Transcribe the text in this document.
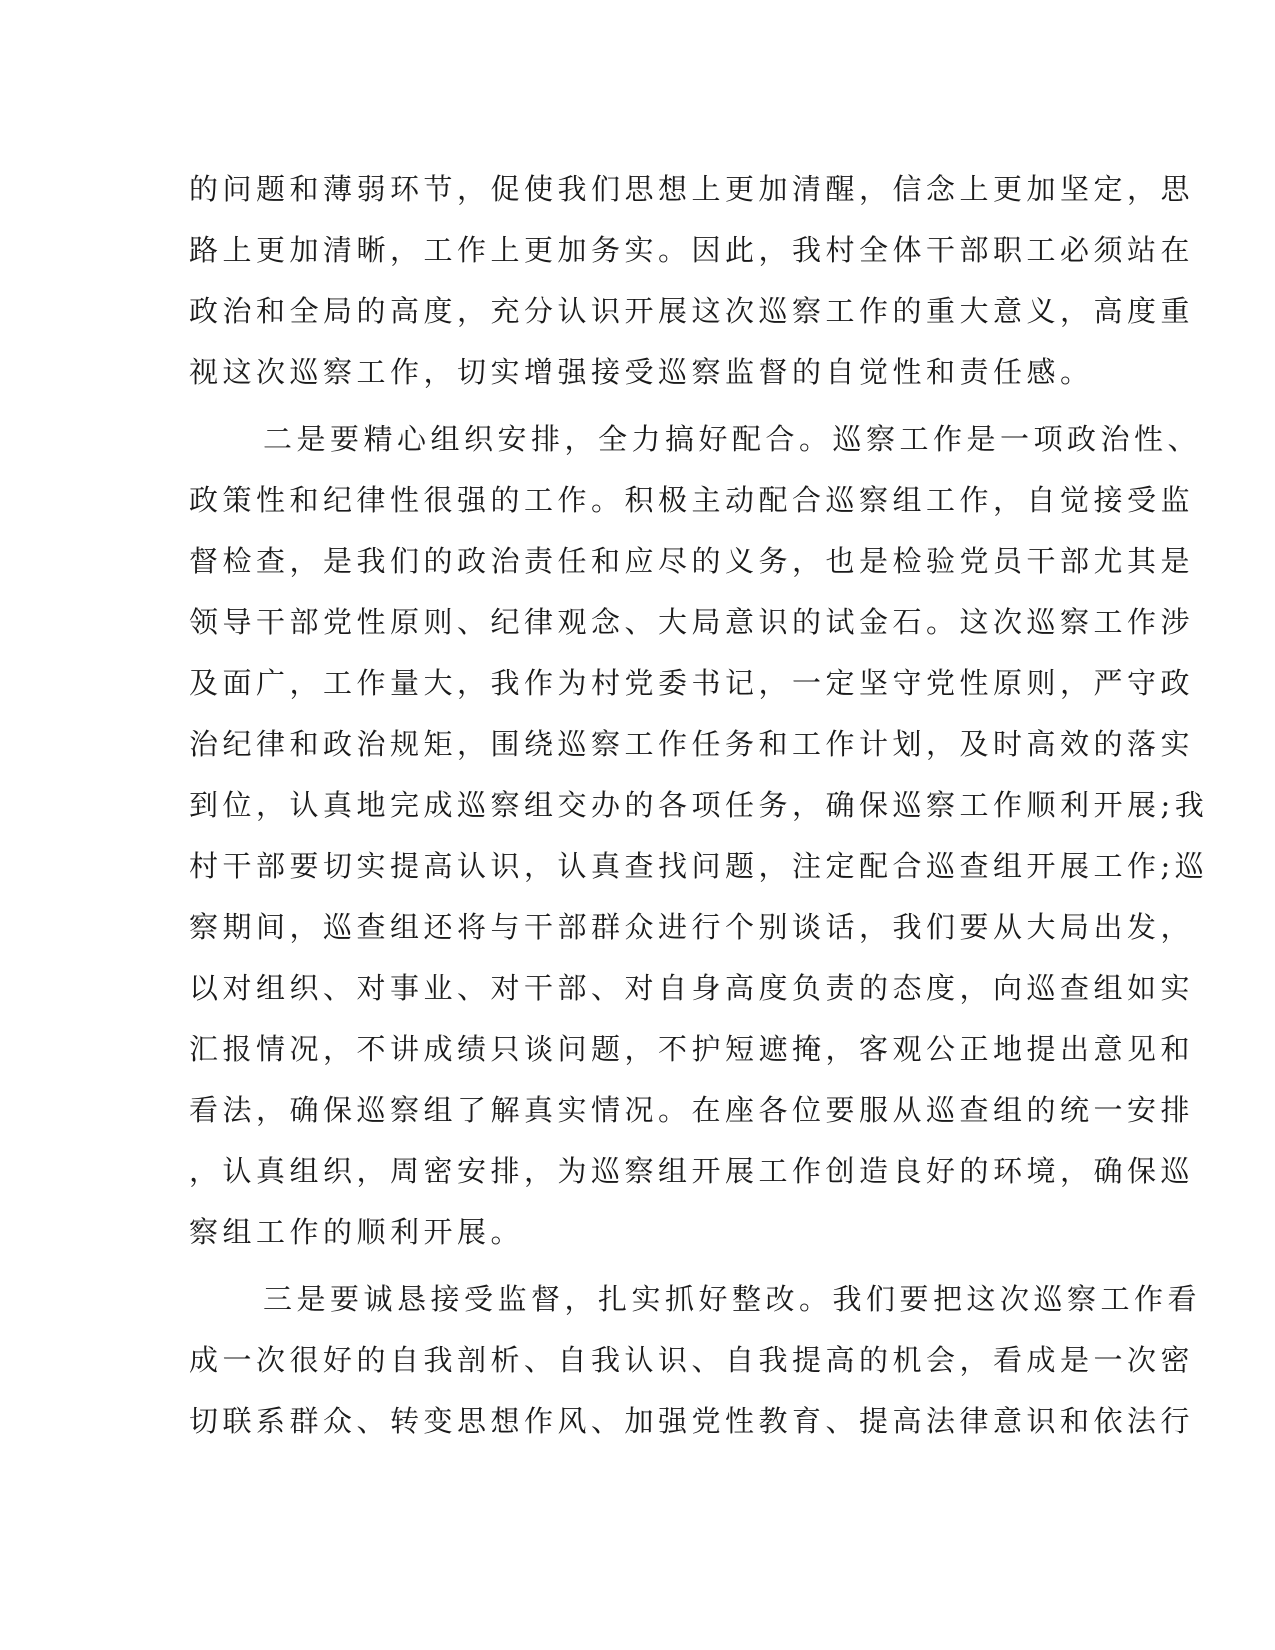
的问题和薄弱环节，促使我们思想上更加清醒，信念上更加坚定，思
路上更加清晰，工作上更加务实。因此，我村全体干部职工必须站在
政治和全局的高度，充分认识开展这次巡察工作的重大意义，高度重
视这次巡察工作，切实增强接受巡察监督的自觉性和责任感。
二是要精心组织安排，全力搞好配合。巡察工作是一项政治性、
政策性和纪律性很强的工作。积极主动配合巡察组工作，自觉接受监
督检查，是我们的政治责任和应尽的义务，也是检验党员干部尤其是
领导干部党性原则、纪律观念、大局意识的试金石。这次巡察工作涉
及面广，工作量大，我作为村党委书记，一定坚守党性原则，严守政
治纪律和政治规矩，围绕巡察工作任务和工作计划，及时高效的落实
到位，认真地完成巡察组交办的各项任务，确保巡察工作顺利开展;我
村干部要切实提高认识，认真查找问题，注定配合巡查组开展工作;巡
察期间，巡查组还将与干部群众进行个别谈话，我们要从大局出发，
以对组织、对事业、对干部、对自身高度负责的态度，向巡查组如实
汇报情况，不讲成绩只谈问题，不护短遮掩，客观公正地提出意见和
看法，确保巡察组了解真实情况。在座各位要服从巡查组的统一安排
，认真组织，周密安排，为巡察组开展工作创造良好的环境，确保巡
察组工作的顺利开展。
三是要诚恳接受监督，扎实抓好整改。我们要把这次巡察工作看
成一次很好的自我剖析、自我认识、自我提高的机会，看成是一次密
切联系群众、转变思想作风、加强党性教育、提高法律意识和依法行
